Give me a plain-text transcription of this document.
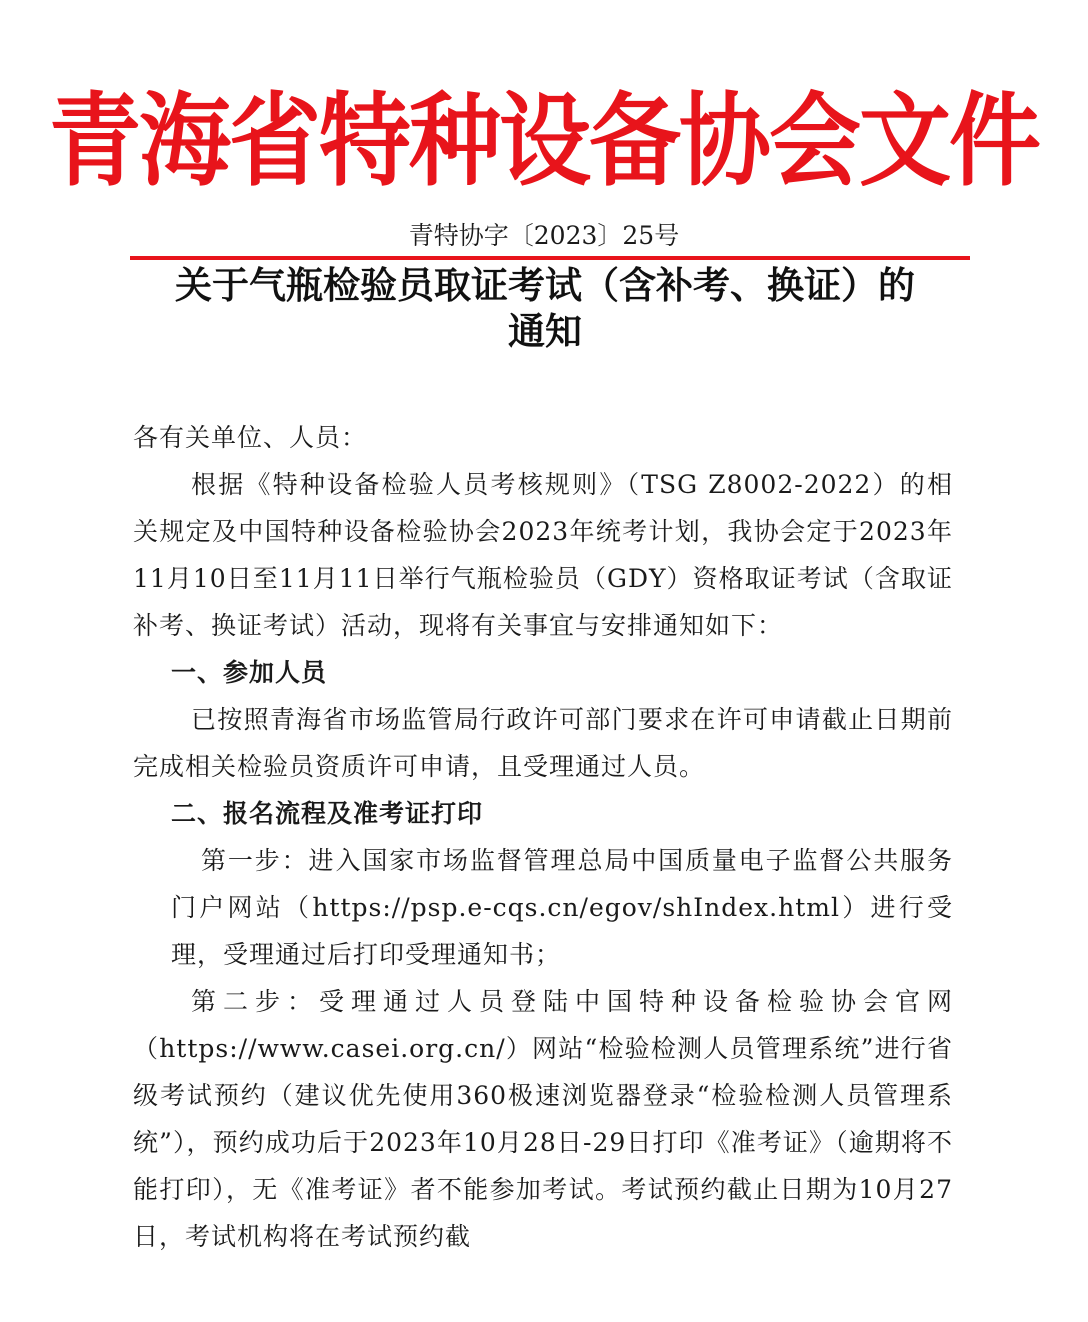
青海省特种设备协会文件
青特协字〔2023〕25号
关于气瓶检验员取证考试（含补考、换证）的
通知

各有关单位、人员：

根据《特种设备检验人员考核规则》（TSG Z8002-2022）的相关规定及中国特种设备检验协会2023年统考计划，我协会定于2023年11月10日至11月11日举行气瓶检验员（GDY）资格取证考试（含取证补考、换证考试）活动，现将有关事宜与安排通知如下：

一、参加人员

已按照青海省市场监管局行政许可部门要求在许可申请截止日期前完成相关检验员资质许可申请，且受理通过人员。

二、报名流程及准考证打印

第一步：进入国家市场监督管理总局中国质量电子监督公共服务门户网站（https://psp.e-cqs.cn/egov/shIndex.html）进行受理，受理通过后打印受理通知书；

第二步：受理通过人员登陆中国特种设备检验协会官网（https://www.casei.org.cn/）网站“检验检测人员管理系统”进行省级考试预约（建议优先使用360极速浏览器登录“检验检测人员管理系统”），预约成功后于2023年10月28日-29日打印《准考证》（逾期将不能打印），无《准考证》者不能参加考试。考试预约截止日期为10月27日，考试机构将在考试预约截
